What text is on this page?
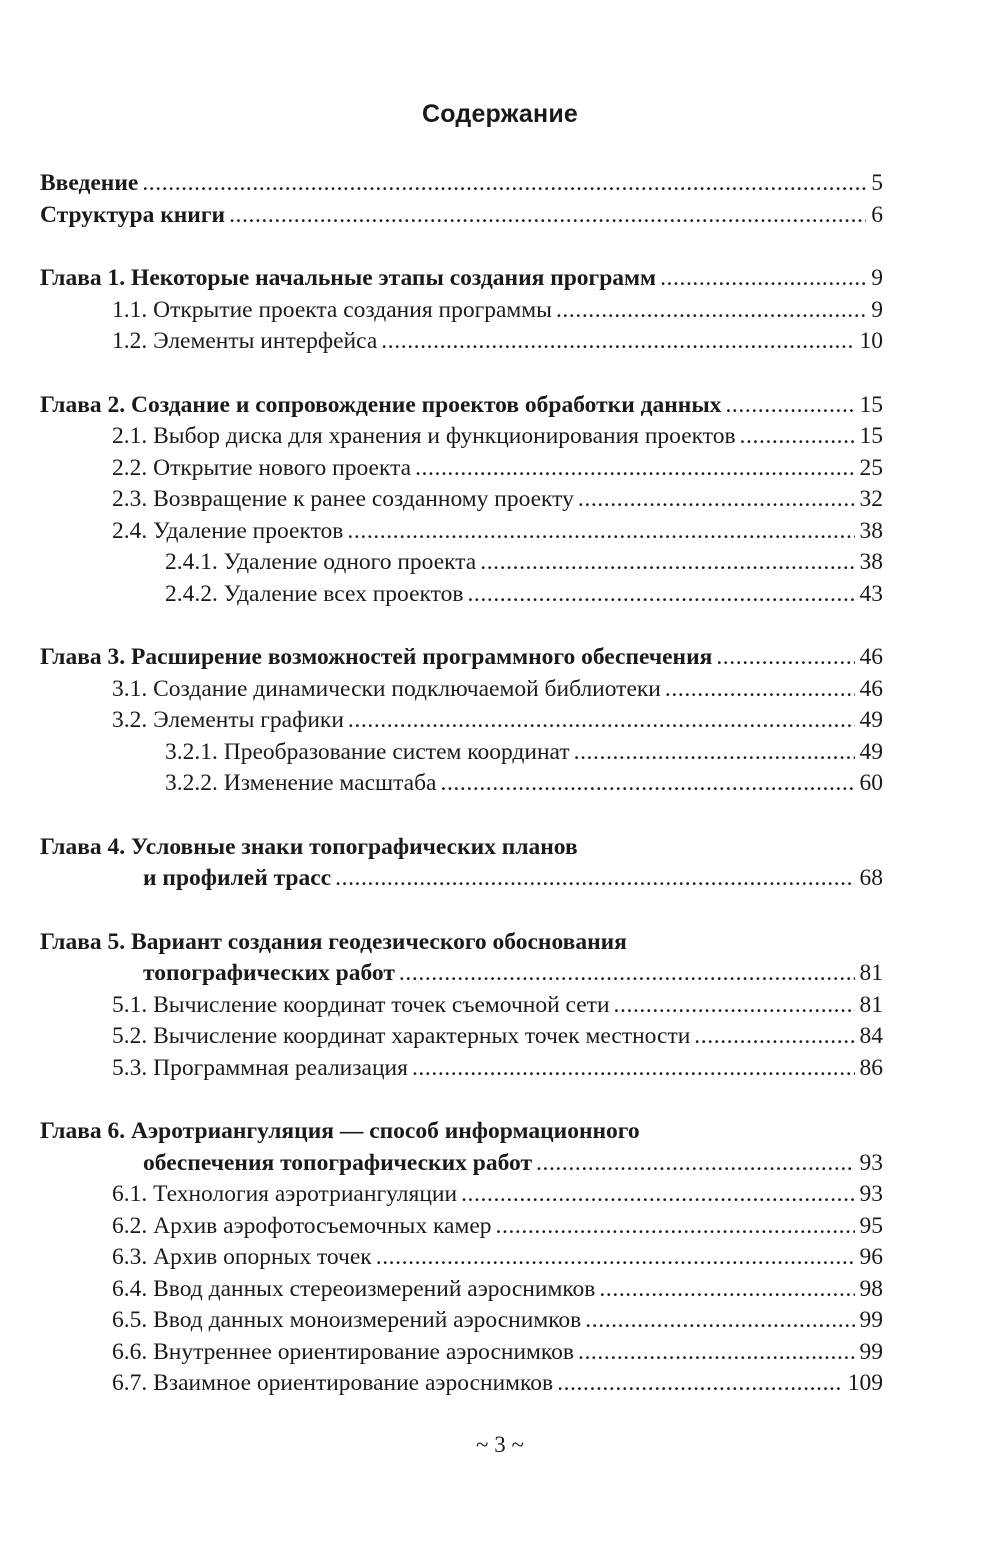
Содержание
Введение .....	5
Структура книги .....	6
Глава 1. Некоторые начальные этапы создания программ .....	9
1.1. Открытие проекта создания программы .....	9
1.2. Элементы интерфейса .....	10
Глава 2. Создание и сопровождение проектов обработки данных .....	15
2.1. Выбор диска для хранения и функционирования проектов .....	15
2.2. Открытие нового проекта .....	25
2.3. Возвращение к ранее созданному проекту .....	32
2.4. Удаление проектов .....	38
2.4.1. Удаление одного проекта .....	38
2.4.2. Удаление всех проектов .....	43
Глава 3. Расширение возможностей программного обеспечения .....	46
3.1. Создание динамически подключаемой библиотеки .....	46
3.2. Элементы графики .....	49
3.2.1. Преобразование систем координат .....	49
3.2.2. Изменение масштаба .....	60
Глава 4. Условные знаки топографических планов
и профилей трасс .....	68
Глава 5. Вариант создания геодезического обоснования
топографических работ .....	81
5.1. Вычисление координат точек съемочной сети .....	81
5.2. Вычисление координат характерных точек местности .....	84
5.3. Программная реализация .....	86
Глава 6. Аэротриангуляция — способ информационного
обеспечения топографических работ .....	93
6.1. Технология аэротриангуляции .....	93
6.2. Архив аэрофотосъемочных камер .....	95
6.3. Архив опорных точек .....	96
6.4. Ввод данных стереоизмерений аэроснимков .....	98
6.5. Ввод данных моноизмерений аэроснимков .....	99
6.6. Внутреннее ориентирование аэроснимков .....	99
6.7. Взаимное ориентирование аэроснимков .....	109
~ 3 ~
